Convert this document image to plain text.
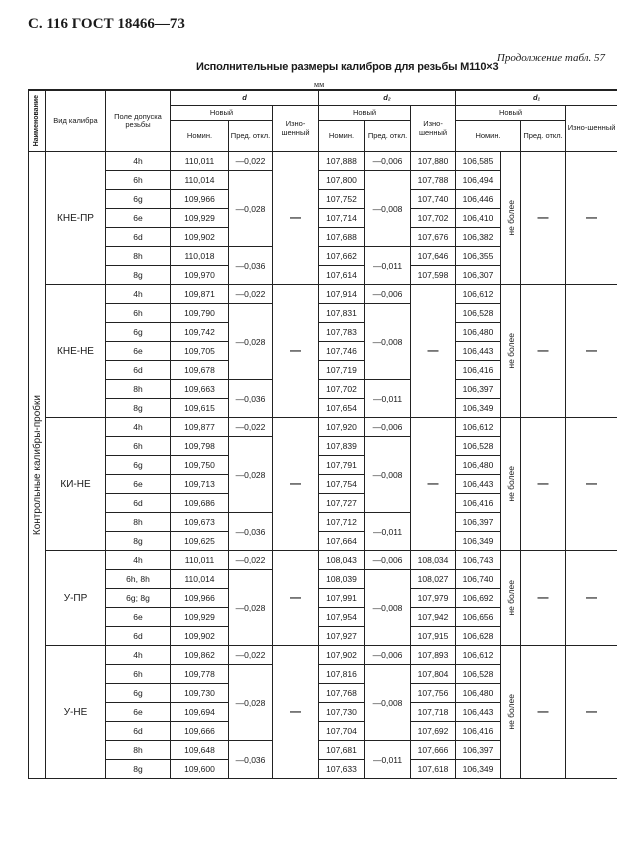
С. 116 ГОСТ 18466—73
Продолжение табл. 57
Исполнительные размеры калибров для резьбы М110×3
мм
Наименование	Вид калибра	Поле допуска резьбы	d			d₂			d₁			
			Новый		Изно-шенный	Новый		Изно-шенный	Новый			Изно-шенный
			Номин.	Пред. откл.		Номин.	Пред. откл.		Номин.		Пред. откл.	

Контрольные калибры-пробки	КНЕ-ПР	4h	110,011	—0,022	—	107,888	—0,006	107,880	106,585	не более	—	—
		6h	110,014	—0,028		107,800	—0,008	107,788	106,494			
		6g	109,966			107,752		107,740	106,446			
		6e	109,929			107,714		107,702	106,410			
		6d	109,902			107,688		107,676	106,382			
		8h	110,018	—0,036		107,662	—0,011	107,646	106,355			
		8g	109,970			107,614		107,598	106,307			
	КНЕ-НЕ	4h	109,871	—0,022	—	107,914	—0,006	—	106,612	не более	—	—
		6h	109,790	—0,028		107,831	—0,008		106,528			
		6g	109,742			107,783			106,480			
		6e	109,705			107,746			106,443			
		6d	109,678			107,719			106,416			
		8h	109,663	—0,036		107,702	—0,011		106,397			
		8g	109,615			107,654			106,349			
	КИ-НЕ	4h	109,877	—0,022	—	107,920	—0,006	—	106,612	не более	—	—
		6h	109,798	—0,028		107,839	—0,008		106,528			
		6g	109,750			107,791			106,480			
		6e	109,713			107,754			106,443			
		6d	109,686			107,727			106,416			
		8h	109,673	—0,036		107,712	—0,011		106,397			
		8g	109,625			107,664			106,349			
	У-ПР	4h	110,011	—0,022	—	108,043	—0,006	108,034	106,743	не более	—	—
		6h, 8h	110,014	—0,028		108,039	—0,008	108,027	106,740			
		6g; 8g	109,966			107,991		107,979	106,692			
		6e	109,929			107,954		107,942	106,656			
		6d	109,902			107,927		107,915	106,628			
	У-НЕ	4h	109,862	—0,022	—	107,902	—0,006	107,893	106,612	не более	—	—
		6h	109,778	—0,028		107,816	—0,008	107,804	106,528			
		6g	109,730			107,768		107,756	106,480			
		6e	109,694			107,730		107,718	106,443			
		6d	109,666			107,704		107,692	106,416			
		8h	109,648	—0,036		107,681	—0,011	107,666	106,397			
		8g	109,600			107,633		107,618	106,349			
